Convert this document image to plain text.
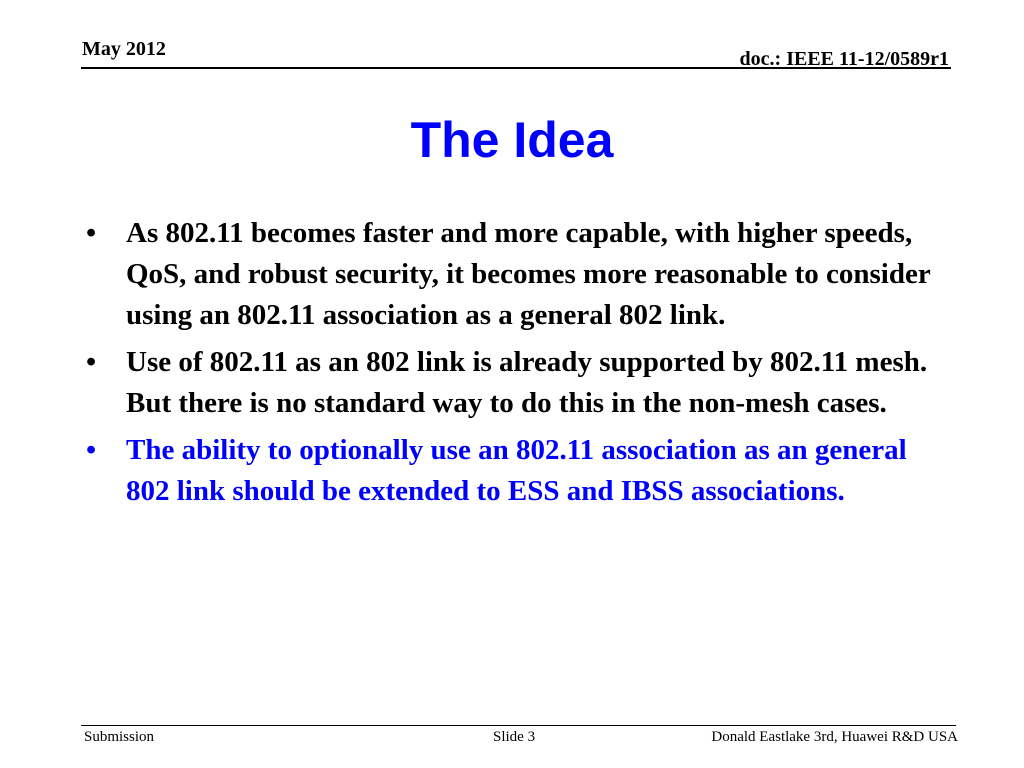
May 2012	doc.: IEEE 11-12/0589r1
The Idea
•	As 802.11 becomes faster and more capable, with higher speeds, QoS, and robust security, it becomes more reasonable to consider using an 802.11 association as a general 802 link.
•	Use of 802.11 as an 802 link is already supported by 802.11 mesh. But there is no standard way to do this in the non-mesh cases.
•	The ability to optionally use an 802.11 association as an general 802 link should be extended to ESS and IBSS associations.
Submission	Slide 3	Donald Eastlake 3rd, Huawei R&D USA
